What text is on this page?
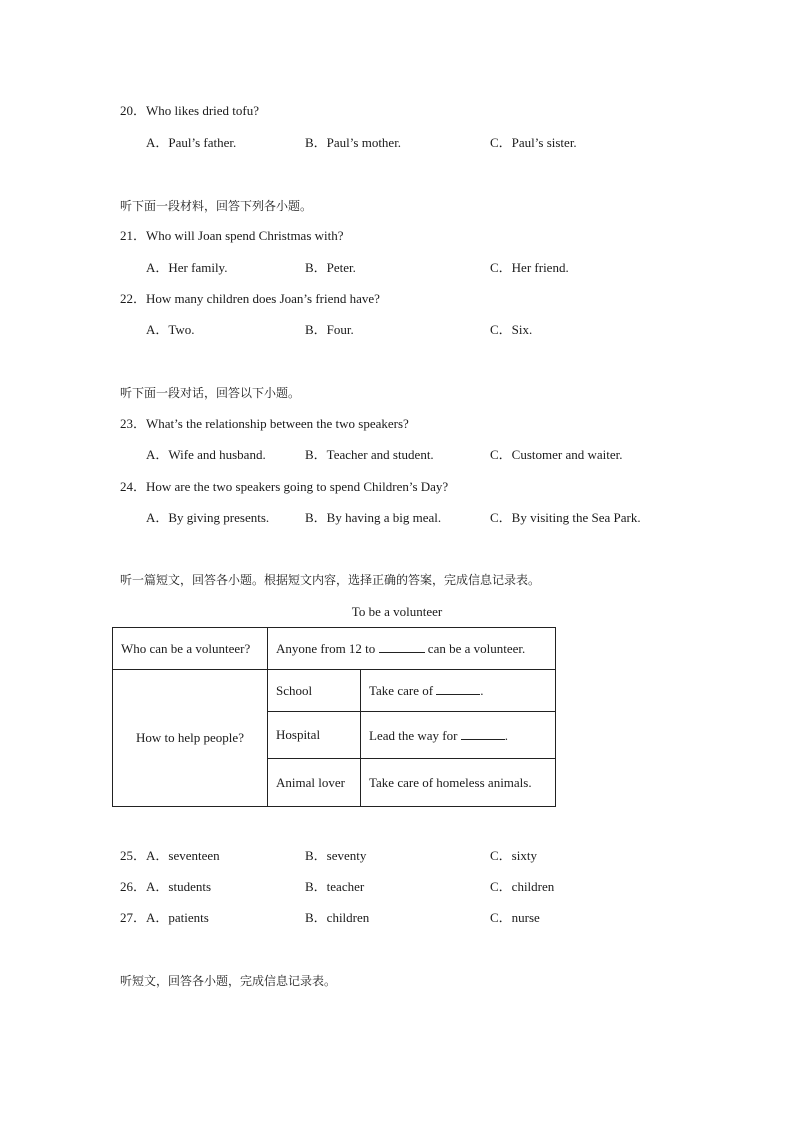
20．Who likes dried tofu?
A．Paul’s father.	B．Paul’s mother.	C．Paul’s sister.
听下面一段材料，回答下列各小题。
21．Who will Joan spend Christmas with?
A．Her family.	B．Peter.	C．Her friend.
22．How many children does Joan’s friend have?
A．Two.	B．Four.	C．Six.
听下面一段对话，回答以下小题。
23．What’s the relationship between the two speakers?
A．Wife and husband.	B．Teacher and student.	C．Customer and waiter.
24．How are the two speakers going to spend Children’s Day?
A．By giving presents.	B．By having a big meal.	C．By visiting the Sea Park.
听一篇短文，回答各小题。根据短文内容，选择正确的答案，完成信息记录表。
To be a volunteer
Who can be a volunteer?	Anyone from 12 to can be a volunteer.	
How to help people?	School	Take care of .
	Hospital	Lead the way for .
	Animal lover	Take care of homeless animals.
25．A．seventeen	B．seventy	C．sixty
26．A．students	B．teacher	C．children
27．A．patients	B．children	C．nurse
听短文，回答各小题，完成信息记录表。
